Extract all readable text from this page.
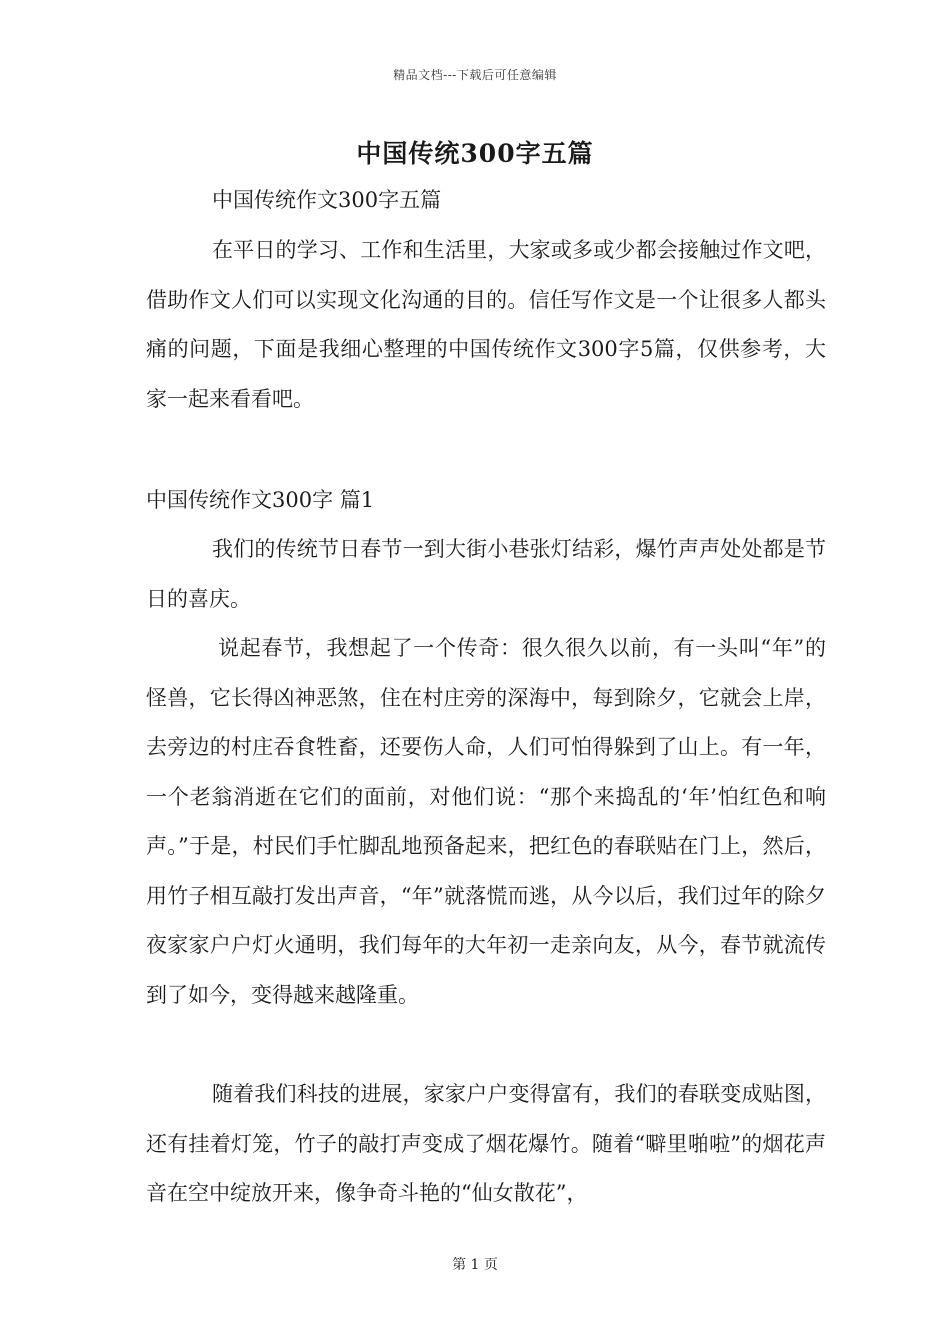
精品文档---下载后可任意编辑
中国传统300字五篇
中国传统作文300字五篇
在平日的学习、工作和生活里，大家或多或少都会接触过作文吧，借助作文人们可以实现文化沟通的目的。信任写作文是一个让很多人都头痛的问题，下面是我细心整理的中国传统作文300字5篇，仅供参考，大家一起来看看吧。
中国传统作文300字 篇1
我们的传统节日春节一到大街小巷张灯结彩，爆竹声声处处都是节日的喜庆。
说起春节，我想起了一个传奇：很久很久以前，有一头叫“年”的怪兽，它长得凶神恶煞，住在村庄旁的深海中，每到除夕，它就会上岸，去旁边的村庄吞食牲畜，还要伤人命，人们可怕得躲到了山上。有一年，一个老翁消逝在它们的面前，对他们说：“那个来捣乱的‘年’怕红色和响声。”于是，村民们手忙脚乱地预备起来，把红色的春联贴在门上，然后，用竹子相互敲打发出声音，“年”就落慌而逃，从今以后，我们过年的除夕夜家家户户灯火通明，我们每年的大年初一走亲向友，从今，春节就流传到了如今，变得越来越隆重。
随着我们科技的进展，家家户户变得富有，我们的春联变成贴图，还有挂着灯笼，竹子的敲打声变成了烟花爆竹。随着“噼里啪啦”的烟花声音在空中绽放开来，像争奇斗艳的“仙女散花”，
第 1 页
